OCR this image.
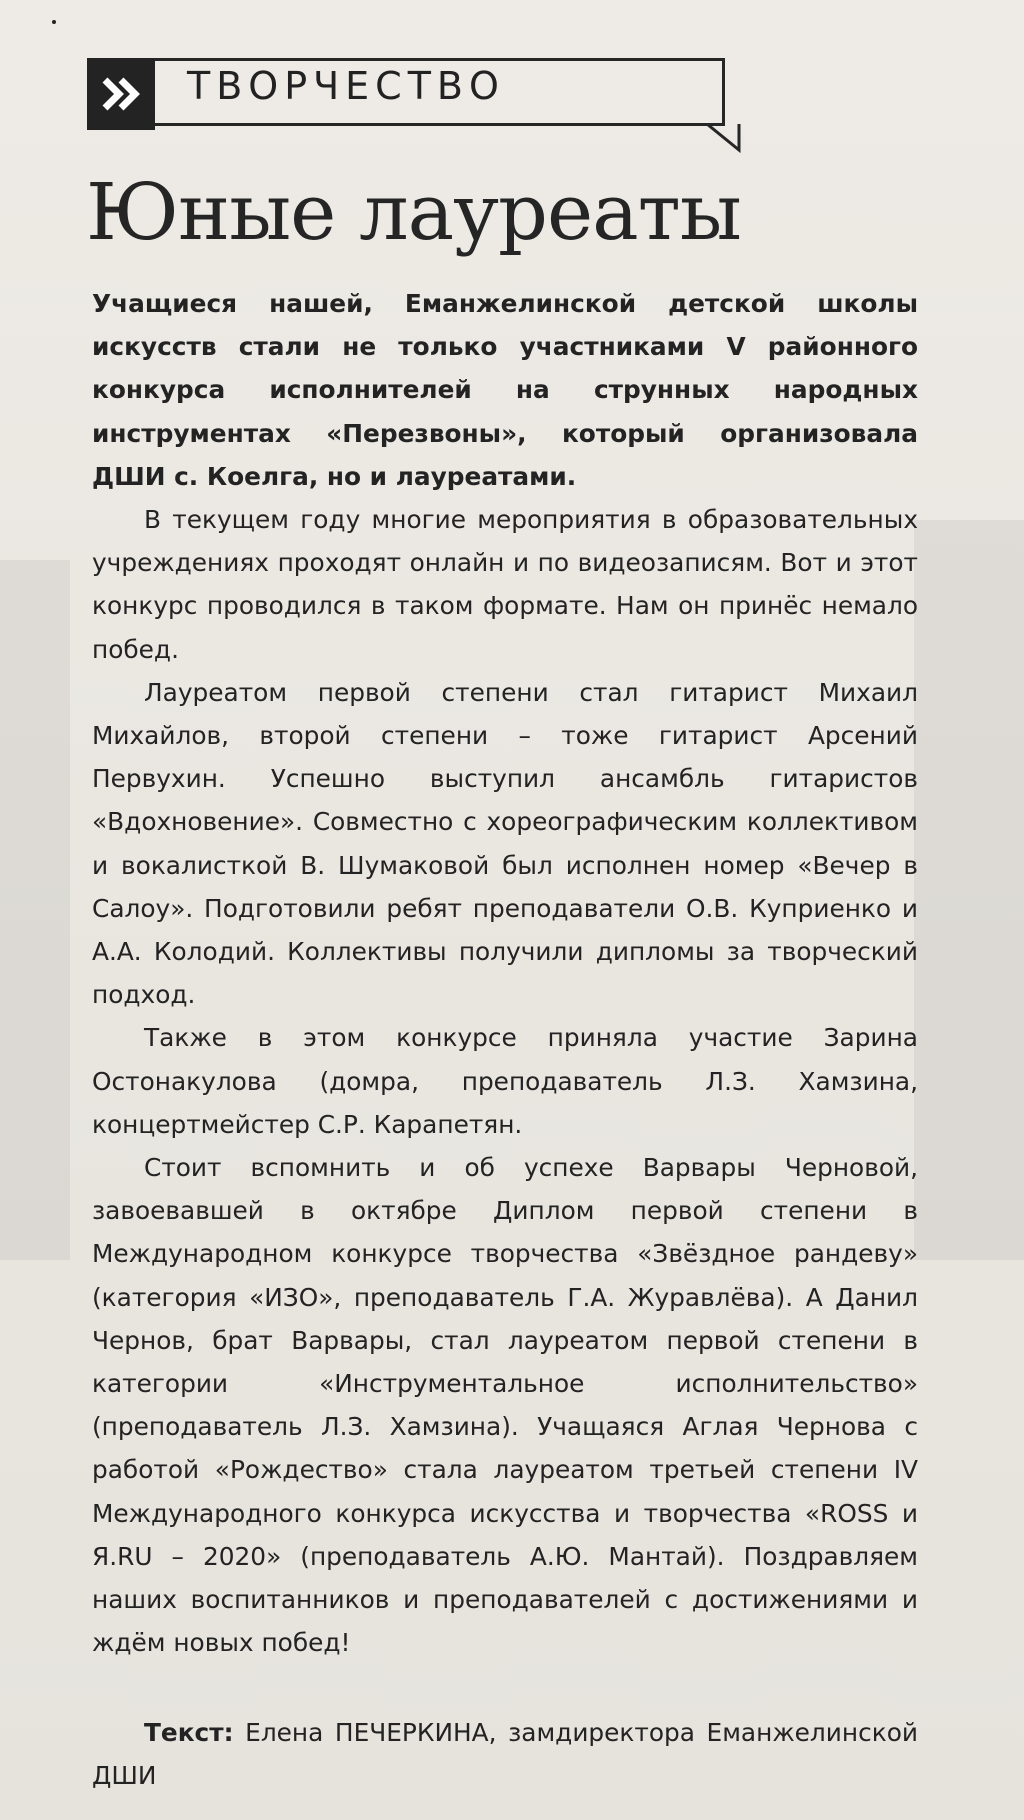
ТВОРЧЕСТВО
Юные лауреаты

Учащиеся нашей, Еманжелинской детской школы искусств стали не только участниками V районного конкурса исполнителей на струнных народных инструментах «Перезвоны», который организовала ДШИ с. Коелга, но и лауреатами.

В текущем году многие мероприятия в образовательных учреждениях проходят онлайн и по видеозаписям. Вот и этот конкурс проводился в таком формате. Нам он принёс немало побед.

Лауреатом первой степени стал гитарист Михаил Михайлов, второй степени – тоже гитарист Арсений Первухин. Успешно выступил ансамбль гитаристов «Вдохновение». Совместно с хореографическим коллективом и вокалисткой В. Шумаковой был исполнен номер «Вечер в Салоу». Подготовили ребят преподаватели О.В. Куприенко и А.А. Колодий. Коллективы получили дипломы за творческий подход.

Также в этом конкурсе приняла участие Зарина Остонакулова (домра, преподаватель Л.З. Хамзина, концертмейстер С.Р. Карапетян.

Стоит вспомнить и об успехе Варвары Черновой, завоевавшей в октябре Диплом первой степени в Международном конкурсе творчества «Звёздное рандеву» (категория «ИЗО», преподаватель Г.А. Журавлёва). А Данил Чернов, брат Варвары, стал лауреатом первой степени в категории «Инструментальное исполнительство» (преподаватель Л.З. Хамзина). Учащаяся Аглая Чернова с работой «Рождество» стала лауреатом третьей степени IV Международного конкурса искусства и творчества «ROSS и Я.RU – 2020» (преподаватель А.Ю. Мантай). Поздравляем наших воспитанников и преподавателей с достижениями и ждём новых побед!

Текст: Елена ПЕЧЕРКИНА, замдиректора Еманжелинской ДШИ
